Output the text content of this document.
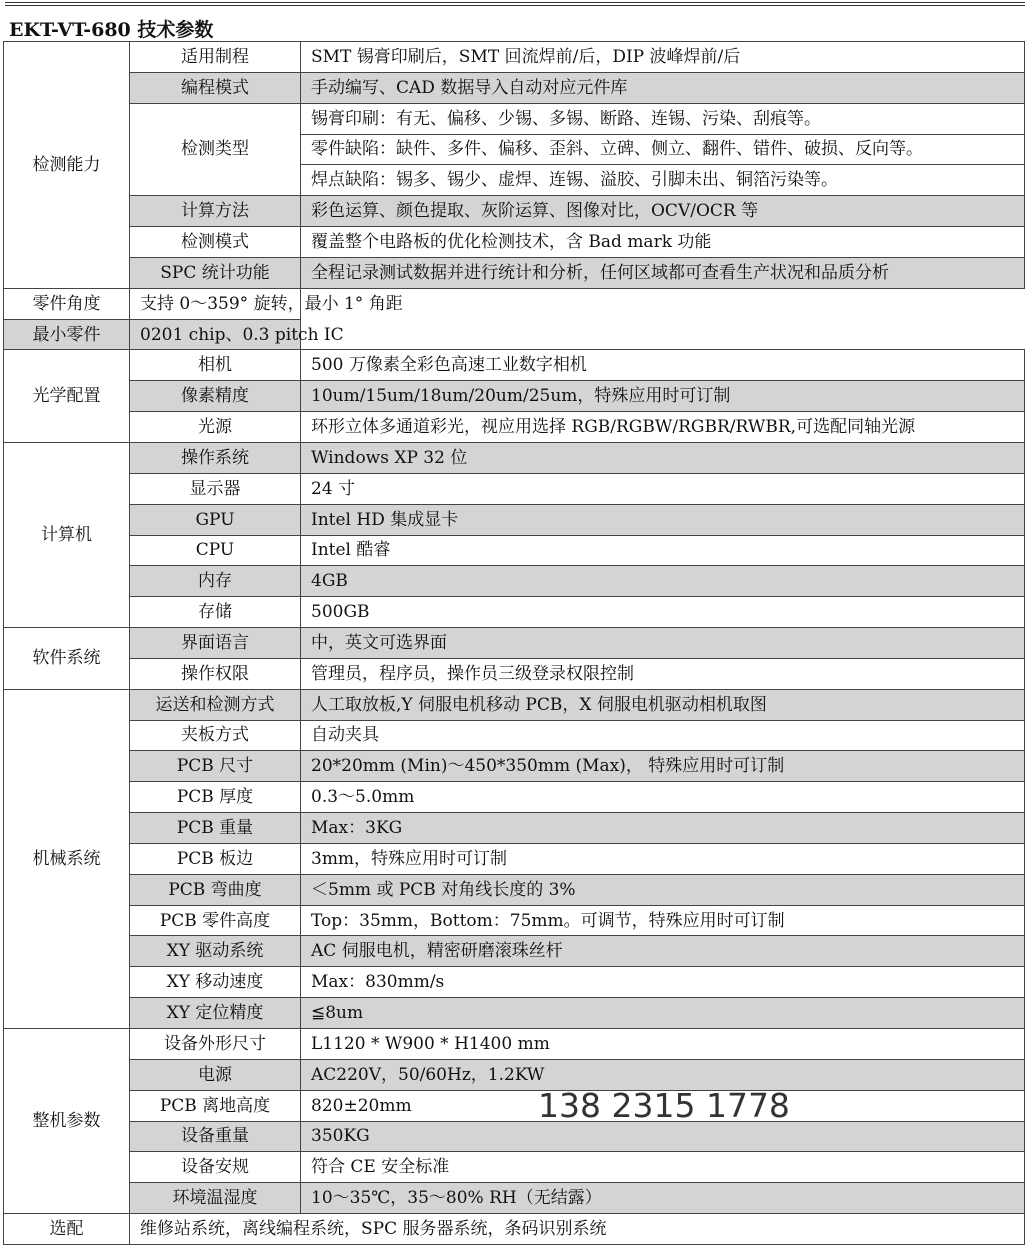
EKT-VT-680 技术参数
检测能力	适用制程	SMT 锡膏印刷后，SMT 回流焊前/后，DIP 波峰焊前/后
	编程模式	手动编写、CAD 数据导入自动对应元件库
	检测类型	锡膏印刷：有无、偏移、少锡、多锡、断路、连锡、污染、刮痕等。
		零件缺陷：缺件、多件、偏移、歪斜、立碑、侧立、翻件、错件、破损、反向等。
		焊点缺陷：锡多、锡少、虚焊、连锡、溢胶、引脚未出、铜箔污染等。
	计算方法	彩色运算、颜色提取、灰阶运算、图像对比，OCV/OCR 等
	检测模式	覆盖整个电路板的优化检测技术，含 Bad mark 功能
	SPC 统计功能	全程记录测试数据并进行统计和分析，任何区域都可查看生产状况和品质分析
零件角度	支持 0～359° 旋转，最小 1° 角距	
最小零件	0201 chip、0.3 pitch IC	
光学配置	相机	500 万像素全彩色高速工业数字相机
	像素精度	10um/15um/18um/20um/25um，特殊应用时可订制
	光源	环形立体多通道彩光，视应用选择 RGB/RGBW/RGBR/RWBR,可选配同轴光源
计算机	操作系统	Windows XP 32 位
	显示器	24 寸
	GPU	Intel HD 集成显卡
	CPU	Intel 酷睿
	内存	4GB
	存储	500GB
软件系统	界面语言	中，英文可选界面
	操作权限	管理员，程序员，操作员三级登录权限控制
机械系统	运送和检测方式	人工取放板,Y 伺服电机移动 PCB，X 伺服电机驱动相机取图
	夹板方式	自动夹具
	PCB 尺寸	20*20mm (Min)～450*350mm (Max)， 特殊应用时可订制
	PCB 厚度	0.3～5.0mm
	PCB 重量	Max：3KG
	PCB 板边	3mm，特殊应用时可订制
	PCB 弯曲度	＜5mm 或 PCB 对角线长度的 3%
	PCB 零件高度	Top：35mm，Bottom：75mm。可调节，特殊应用时可订制
	XY 驱动系统	AC 伺服电机，精密研磨滚珠丝杆
	XY 移动速度	Max：830mm/s
	XY 定位精度	≦8um
整机参数	设备外形尺寸	L1120 * W900 * H1400 mm
	电源	AC220V，50/60Hz，1.2KW
	PCB 离地高度	820±20mm
	设备重量	350KG
	设备安规	符合 CE 安全标准
	环境温湿度	10～35℃，35～80% RH（无结露）
选配	维修站系统，离线编程系统，SPC 服务器系统，条码识别系统	
138 2315 1778
